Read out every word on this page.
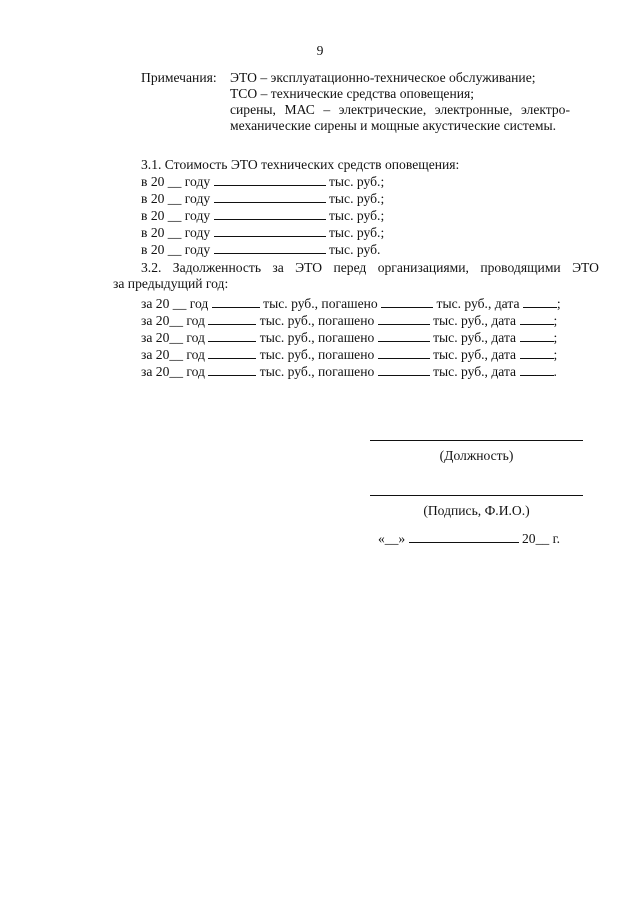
9
Примечания: ЭТО – эксплуатационно-техническое обслуживание;
ТСО – технические средства оповещения;
сирены, МАС – электрические, электронные, электро-
механические сирены и мощные акустические системы.
3.1. Стоимость ЭТО технических средств оповещения:
в 20 __ году	тыс. руб.;
в 20 __ году	тыс. руб.;
в 20 __ году	тыс. руб.;
в 20 __ году	тыс. руб.;
в 20 __ году	тыс. руб.
3.2. Задолженность за ЭТО перед организациями, проводящими ЭТО
за предыдущий год:
за 20 __ год	тыс. руб., погашено	тыс. руб., дата	;
за 20__ год	тыс. руб., погашено	тыс. руб., дата	;
за 20__ год	тыс. руб., погашено	тыс. руб., дата	;
за 20__ год	тыс. руб., погашено	тыс. руб., дата	;
за 20__ год	тыс. руб., погашено	тыс. руб., дата	.
(Должность)
(Подпись, Ф.И.О.)
«__»	20__ г.
